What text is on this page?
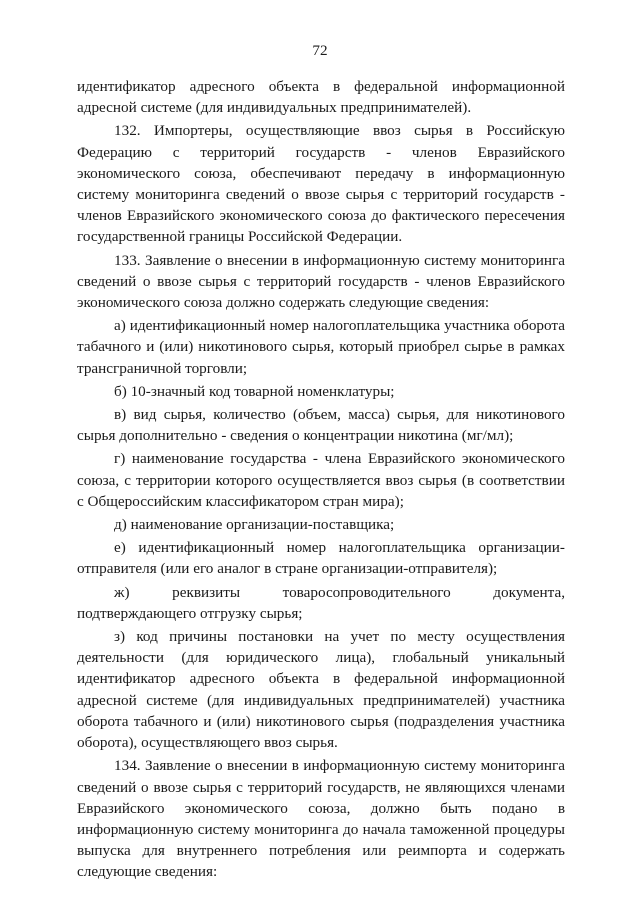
72

идентификатор адресного объекта в федеральной информационной адресной системе (для индивидуальных предпринимателей).

132. Импортеры, осуществляющие ввоз сырья в Российскую Федерацию с территорий государств - членов Евразийского экономического союза, обеспечивают передачу в информационную систему мониторинга сведений о ввозе сырья с территорий государств - членов Евразийского экономического союза до фактического пересечения государственной границы Российской Федерации.

133. Заявление о внесении в информационную систему мониторинга сведений о ввозе сырья с территорий государств - членов Евразийского экономического союза должно содержать следующие сведения:

а) идентификационный номер налогоплательщика участника оборота табачного и (или) никотинового сырья, который приобрел сырье в рамках трансграничной торговли;

б) 10-значный код товарной номенклатуры;

в) вид сырья, количество (объем, масса) сырья, для никотинового сырья дополнительно - сведения о концентрации никотина (мг/мл);

г) наименование государства - члена Евразийского экономического союза, с территории которого осуществляется ввоз сырья (в соответствии с Общероссийским классификатором стран мира);

д) наименование организации-поставщика;

е) идентификационный номер налогоплательщика организации-отправителя (или его аналог в стране организации-отправителя);

ж) реквизиты товаросопроводительного документа, подтверждающего отгрузку сырья;

з) код причины постановки на учет по месту осуществления деятельности (для юридического лица), глобальный уникальный идентификатор адресного объекта в федеральной информационной адресной системе (для индивидуальных предпринимателей) участника оборота табачного и (или) никотинового сырья (подразделения участника оборота), осуществляющего ввоз сырья.

134. Заявление о внесении в информационную систему мониторинга сведений о ввозе сырья с территорий государств, не являющихся членами Евразийского экономического союза, должно быть подано в информационную систему мониторинга до начала таможенной процедуры выпуска для внутреннего потребления или реимпорта и содержать следующие сведения:
